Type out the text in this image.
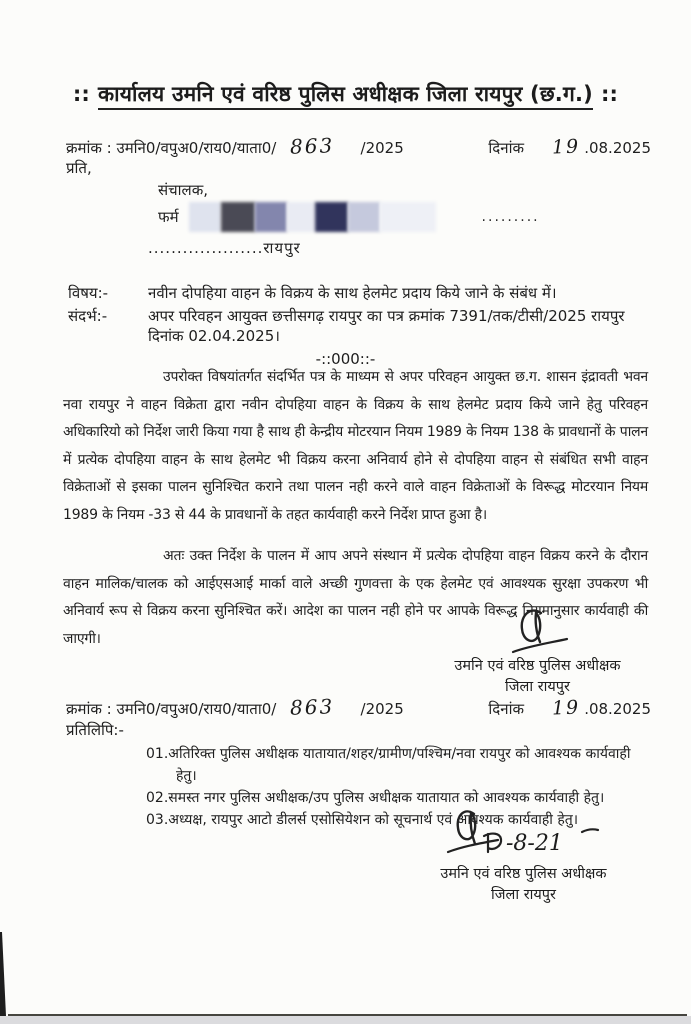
:: कार्यालय उमनि एवं वरिष्ठ पुलिस अधीक्षक जिला रायपुर (छ.ग.) ::
क्रमांक : उमनि0/वपुअ0/राय0/याता0/ 863 /2025	दिनांक 19 .08.2025
प्रति,
संचालक,
फर्म	.........
....................रायपुर
विषय:-	नवीन दोपहिया वाहन के विक्रय के साथ हेलमेट प्रदाय किये जाने के संबंध में।
संदर्भ:-	अपर परिवहन आयुक्त छत्तीसगढ़ रायपुर का पत्र क्रमांक 7391/तक/टीसी/2025 रायपुर दिनांक 02.04.2025।
-::000::-

उपरोक्त विषयांतर्गत संदर्भित पत्र के माध्यम से अपर परिवहन आयुक्त छ.ग. शासन इंद्रावती भवन नवा रायपुर ने वाहन विक्रेता द्वारा नवीन दोपहिया वाहन के विक्रय के साथ हेलमेट प्रदाय किये जाने हेतु परिवहन अधिकारियो को निर्देश जारी किया गया है साथ ही केन्द्रीय मोटरयान नियम 1989 के नियम 138 के प्रावधानों के पालन में प्रत्येक दोपहिया वाहन के साथ हेलमेट भी विक्रय करना अनिवार्य होने से दोपहिया वाहन से संबंधित सभी वाहन विक्रेताओं से इसका पालन सुनिश्चित कराने तथा पालन नही करने वाले वाहन विक्रेताओं के विरूद्ध मोटरयान नियम 1989 के नियम -33 से 44 के प्रावधानों के तहत कार्यवाही करने निर्देश प्राप्त हुआ है।

अतः उक्त निर्देश के पालन में आप अपने संस्थान में प्रत्येक दोपहिया वाहन विक्रय करने के दौरान वाहन मालिक/चालक को आईएसआई मार्का वाले अच्छी गुणवत्ता के एक हेलमेट एवं आवश्यक सुरक्षा उपकरण भी अनिवार्य रूप से विक्रय करना सुनिश्चित करें। आदेश का पालन नही होने पर आपके विरूद्ध नियमानुसार कार्यवाही की जाएगी।

उमनि एवं वरिष्ठ पुलिस अधीक्षक
जिला रायपुर
क्रमांक : उमनि0/वपुअ0/राय0/याता0/ 863 /2025	दिनांक 19 .08.2025
प्रतिलिपि:-
01.अतिरिक्त पुलिस अधीक्षक यातायात/शहर/ग्रामीण/पश्चिम/नवा रायपुर को आवश्यक कार्यवाही हेतु।
02.समस्त नगर पुलिस अधीक्षक/उप पुलिस अधीक्षक यातायात को आवश्यक कार्यवाही हेतु।
03.अध्यक्ष, रायपुर आटो डीलर्स एसोसियेशन को सूचनार्थ एवं आवश्यक कार्यवाही हेतु।
-8-21
उमनि एवं वरिष्ठ पुलिस अधीक्षक
जिला रायपुर
